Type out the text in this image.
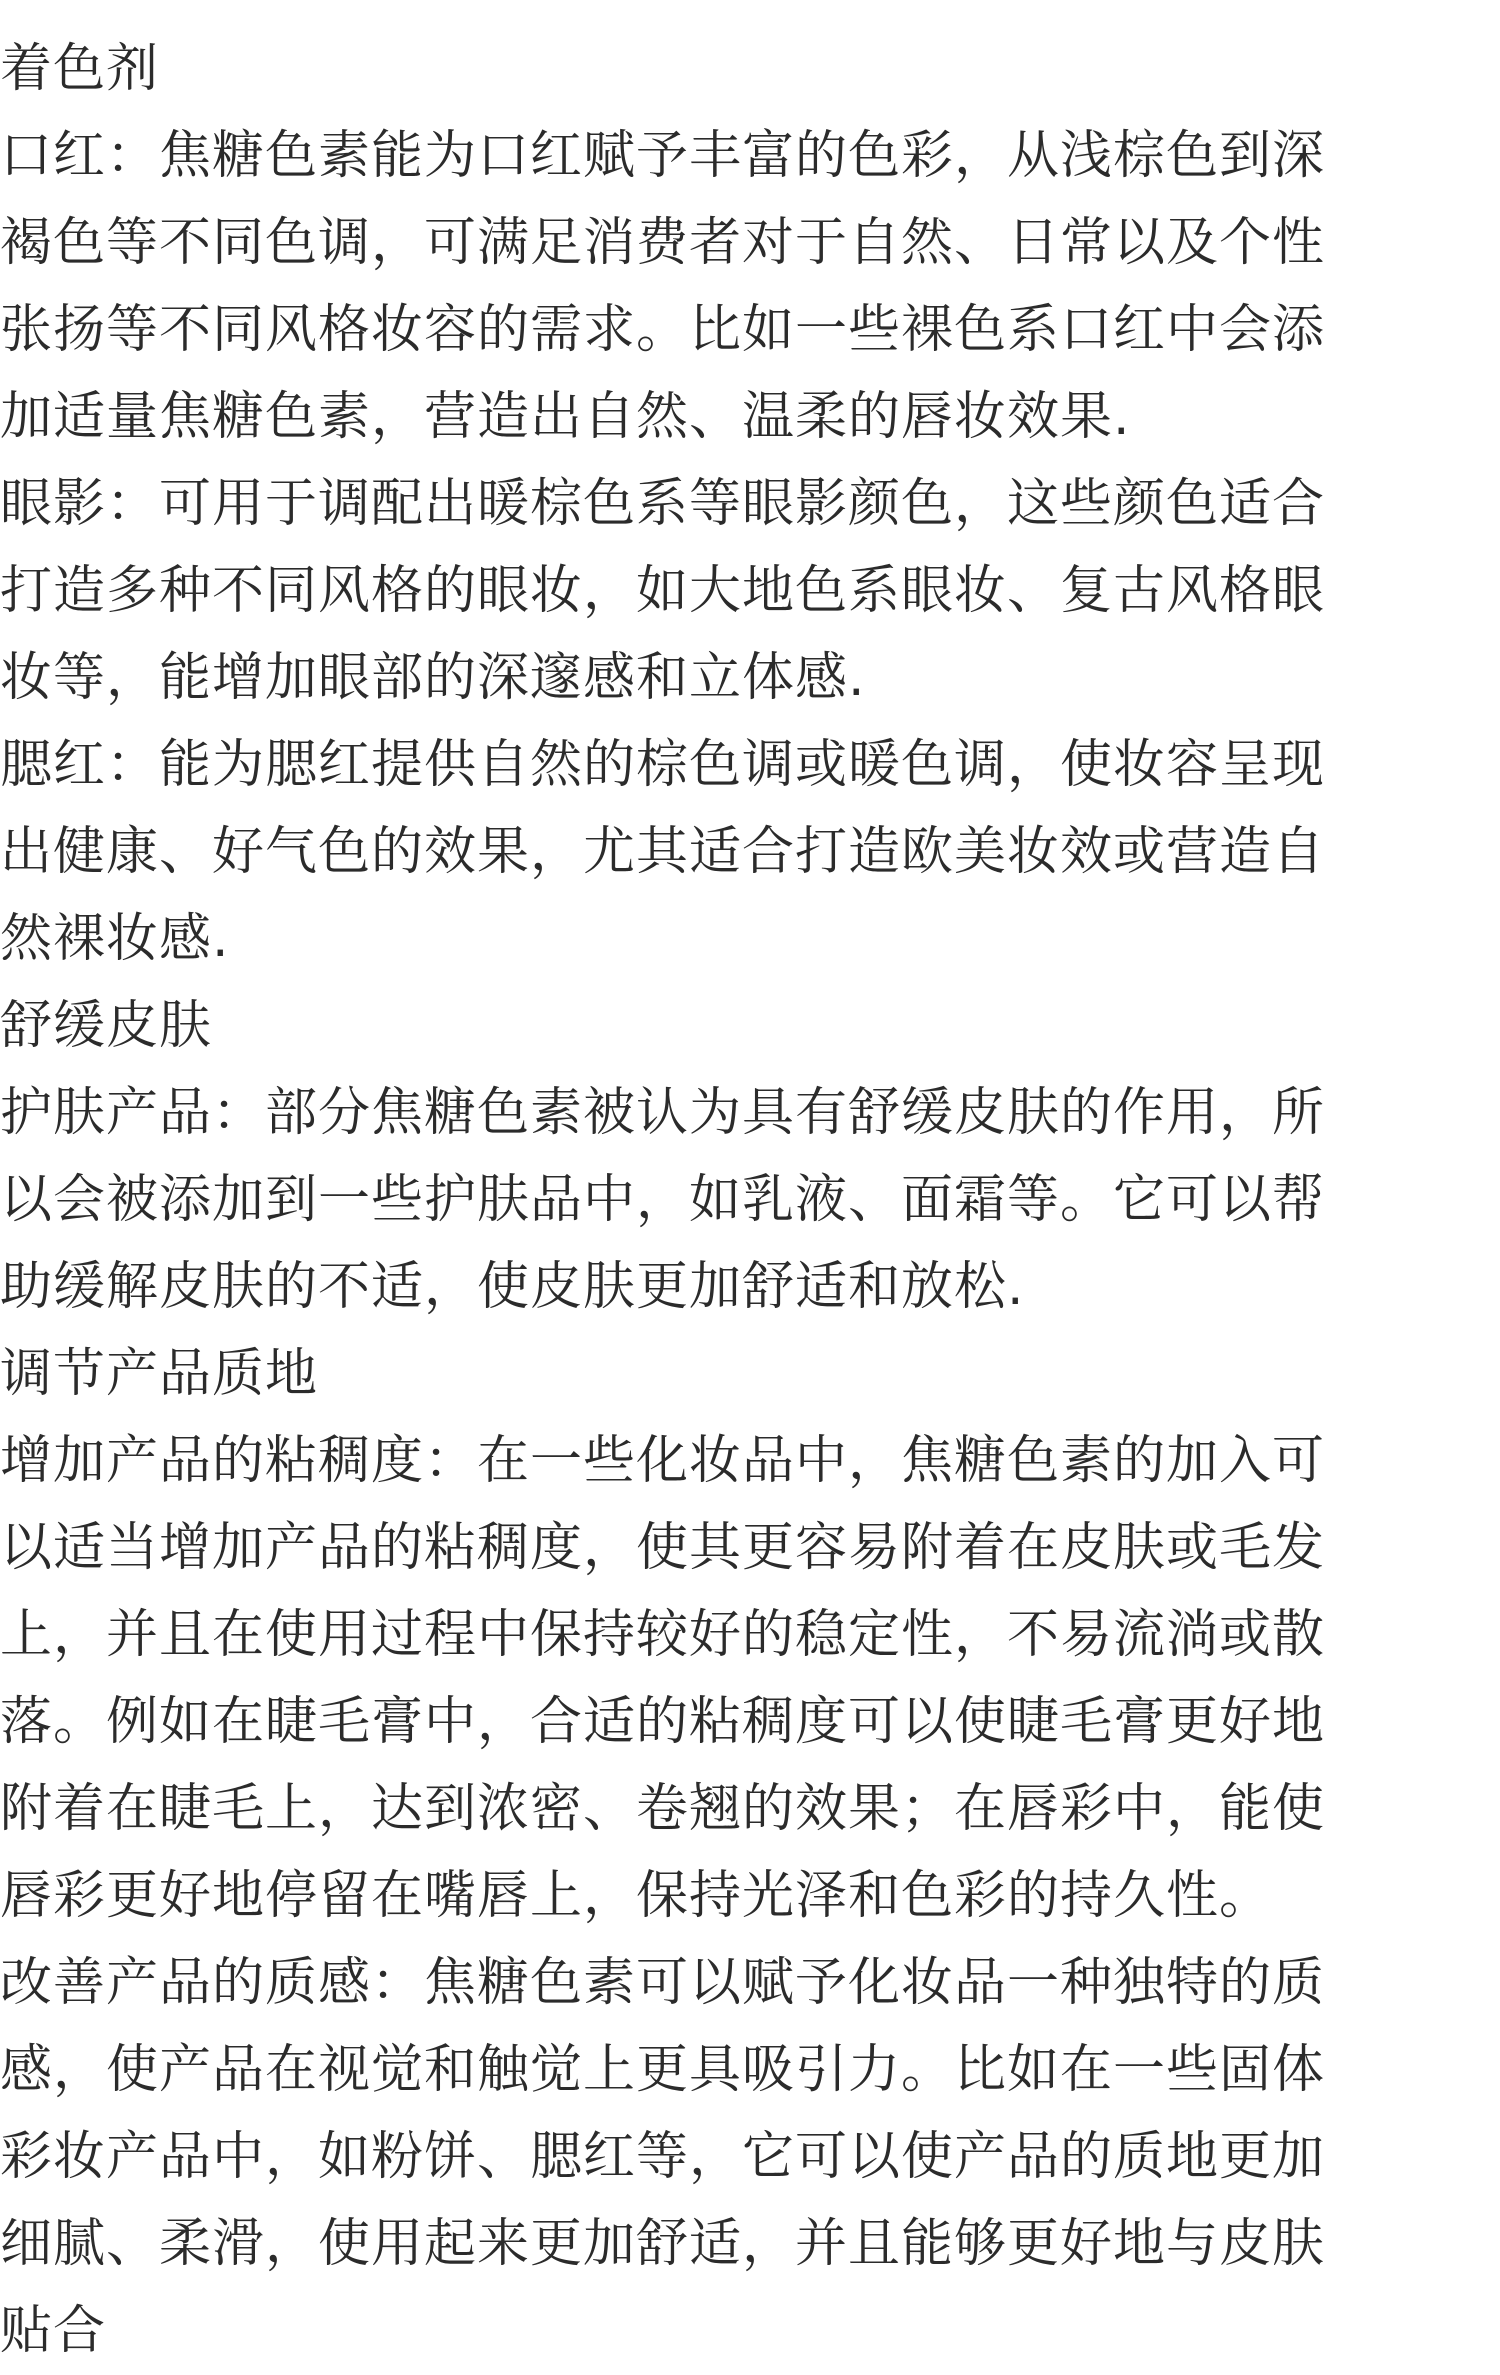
着色剂
口红：焦糖色素能为口红赋予丰富的色彩，从浅棕色到深
褐色等不同色调，可满足消费者对于自然、日常以及个性
张扬等不同风格妆容的需求。比如一些裸色系口红中会添
加适量焦糖色素，营造出自然、温柔的唇妆效果.
眼影：可用于调配出暖棕色系等眼影颜色，这些颜色适合
打造多种不同风格的眼妆，如大地色系眼妆、复古风格眼
妆等，能增加眼部的深邃感和立体感.
腮红：能为腮红提供自然的棕色调或暖色调，使妆容呈现
出健康、好气色的效果，尤其适合打造欧美妆效或营造自
然裸妆感.
舒缓皮肤
护肤产品：部分焦糖色素被认为具有舒缓皮肤的作用，所
以会被添加到一些护肤品中，如乳液、面霜等。它可以帮
助缓解皮肤的不适，使皮肤更加舒适和放松.
调节产品质地
增加产品的粘稠度：在一些化妆品中，焦糖色素的加入可
以适当增加产品的粘稠度，使其更容易附着在皮肤或毛发
上，并且在使用过程中保持较好的稳定性，不易流淌或散
落。例如在睫毛膏中，合适的粘稠度可以使睫毛膏更好地
附着在睫毛上，达到浓密、卷翘的效果；在唇彩中，能使
唇彩更好地停留在嘴唇上，保持光泽和色彩的持久性。
改善产品的质感：焦糖色素可以赋予化妆品一种独特的质
感，使产品在视觉和触觉上更具吸引力。比如在一些固体
彩妆产品中，如粉饼、腮红等，它可以使产品的质地更加
细腻、柔滑，使用起来更加舒适，并且能够更好地与皮肤
贴合
